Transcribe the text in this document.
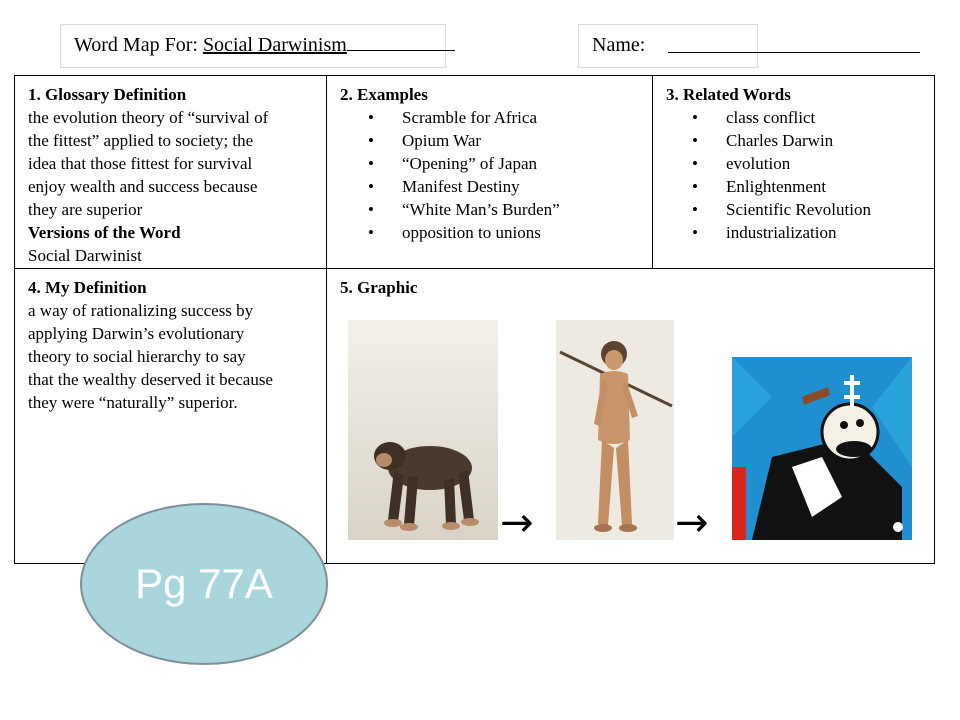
Word Map For: Social Darwinism	Name:
1. Glossary Definition
the evolution theory of “survival of
the fittest” applied to society; the
idea that those fittest for survival
enjoy wealth and success because
they are superior
Versions of the Word
Social Darwinist
2. Examples
• Scramble for Africa
• Opium War
• “Opening” of Japan
• Manifest Destiny
• “White Man’s Burden”
• opposition to unions
3. Related Words
• class conflict
• Charles Darwin
• evolution
• Enlightenment
• Scientific Revolution
• industrialization
4. My Definition
a way of rationalizing success by
applying Darwin’s evolutionary
theory to social hierarchy to say
that the wealthy deserved it because
they were “naturally” superior.
5. Graphic
→	→
Pg 77A
